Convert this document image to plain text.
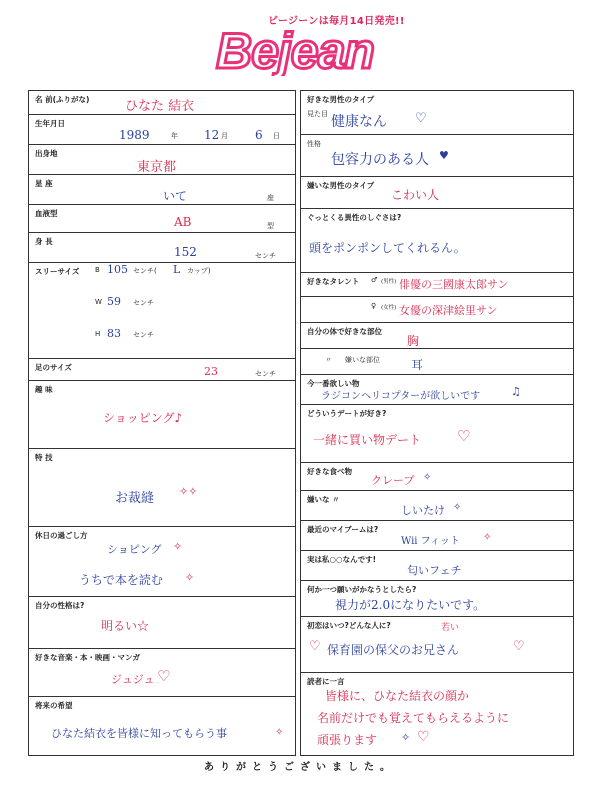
ビージーンは毎月14日発売!!
Bejean
名 前(ふりがな)	ひなた 結衣
生年月日
1989	年 12 月 6 日
出身地
東京都
星 座
いて	座
血液型
AB	型
身 長
152	センチ
スリーサイズ B 105 センチ( L カップ)
W 59 センチ
H 83 センチ
足のサイズ	23	センチ
趣 味
ショッピング♪
特 技
お裁縫 ✧✧
休日の過ごし方
ショピング ✧
うちで本を読む ✧
自分の性格は?
明るい☆
好きな音楽・本・映画・マンガ
ジュジュ ♡
将来の希望
ひなた結衣を皆様に知ってもらう事	✧
好きな男性のタイプ
見た目 健康なん ♡
性格
包容力のある人 ♥
嫌いな男性のタイプ
こわい人
ぐっとくる異性のしぐさは?
頭をポンポンしてくれるん。
好きなタレント ♂ (男性) 俳優の三國康太郎サン
♀ (女性) 女優の深津絵里サン
自分の体で好きな部位
胸
〃 嫌いな部位	耳
今一番欲しい物
ラジコンヘリコプターが欲しいです	♫
どういうデートが好き?
一緒に買い物デート ♡
好きな食べ物
クレープ ✧
嫌いな 〃
しいたけ ✧
最近のマイブームは?
Wii フィット ✧
実は私○○なんです!
匂いフェチ
何か一つ願いがかなうとしたら?
視力が2.0になりたいです。
初恋はいつ?どんな人に?	若い
♡ 保育園の保父のお兄さん	♡
読者に一言
皆様に、ひなた結衣の顔か
名前だけでも覚えてもらえるように
頑張ります ✧ ♡
ありがとうございました。
